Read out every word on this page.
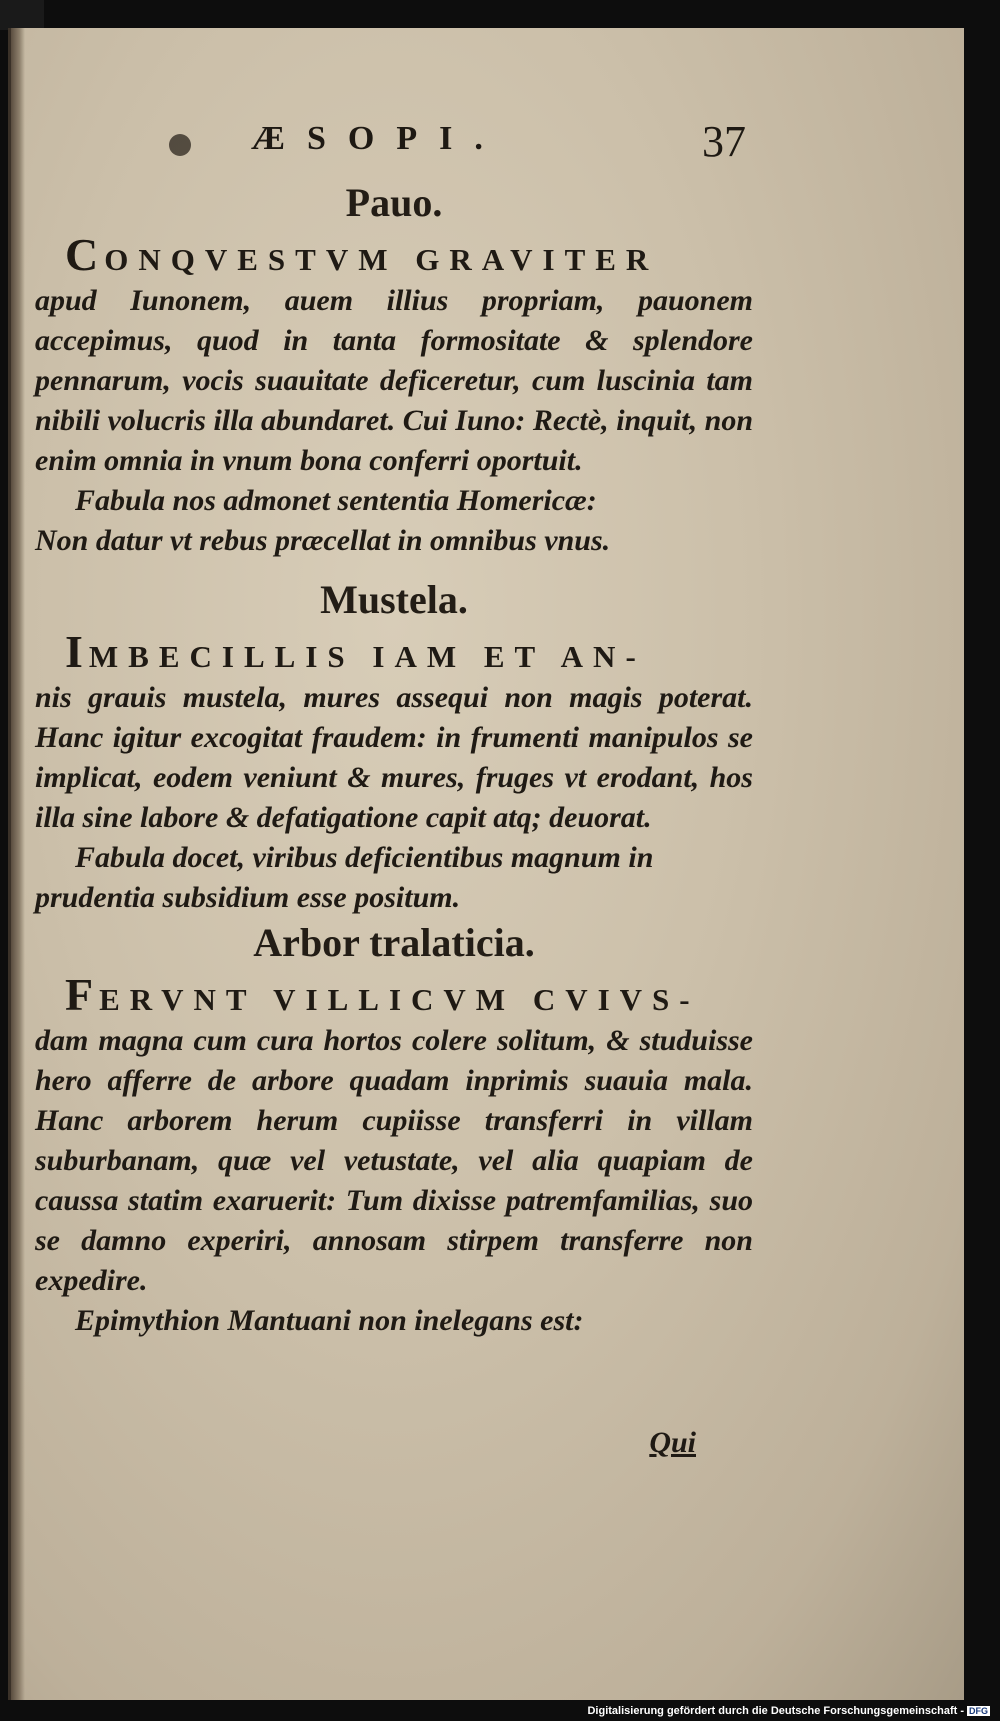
ÆSOPI.	37
Pauo.
CONQVESTVM GRAVITER

apud Iunonem, auem illius propriam, pauonem accepimus, quod in tanta formositate & splendore pennarum, vocis suauitate deficeretur, cum luscinia tam nibili volucris illa abundaret. Cui Iuno: Rectè, inquit, non enim omnia in vnum bona conferri oportuit.

Fabula nos admonet sententia Homericæ:

Non datur vt rebus præcellat in omnibus vnus.

Mustela.
IMBECILLIS IAM ET AN-

nis grauis mustela, mures assequi non magis poterat. Hanc igitur excogitat fraudem: in frumenti manipulos se implicat, eodem veniunt & mures, fruges vt erodant, hos illa sine labore & defatigatione capit atq; deuorat.

Fabula docet, viribus deficientibus magnum in prudentia subsidium esse positum.

Arbor tralaticia.
FERVNT VILLICVM CVIVS-

dam magna cum cura hortos colere solitum, & studuisse hero afferre de arbore quadam inprimis suauia mala. Hanc arborem herum cupiisse transferri in villam suburbanam, quæ vel vetustate, vel alia quapiam de caussa statim exaruerit: Tum dixisse patremfamilias, suo se damno experiri, annosam stirpem transferre non expedire.

Epimythion Mantuani non inelegans est:

Qui
Digitalisierung gefördert durch die Deutsche Forschungsgemeinschaft - DFG
